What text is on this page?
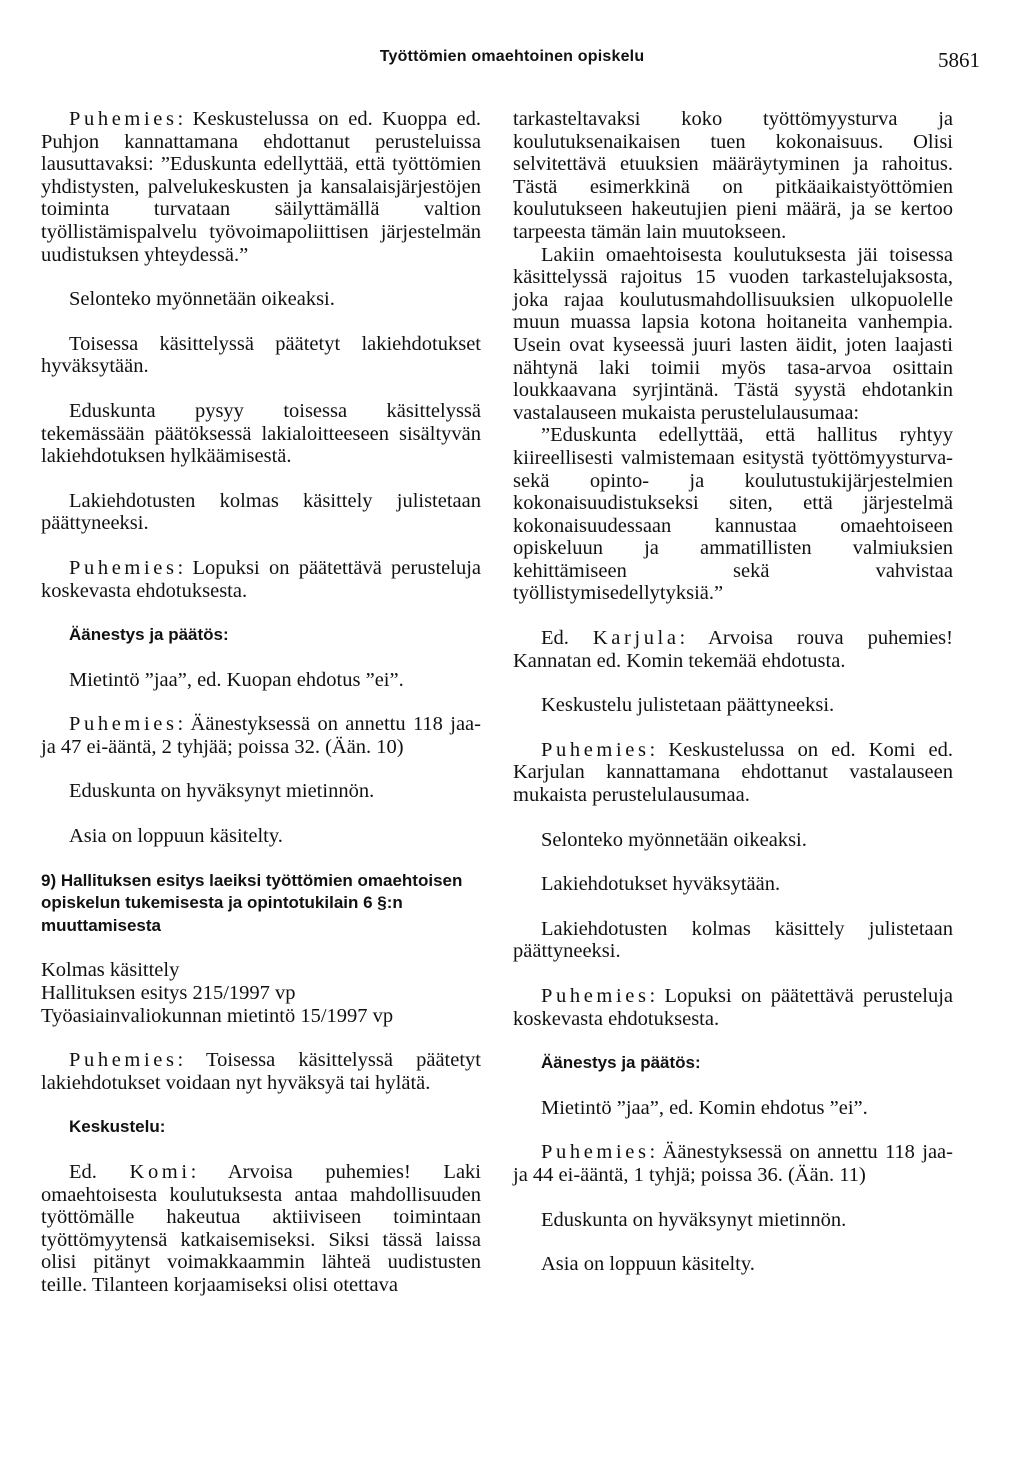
Työttömien omaehtoinen opiskelu	5861

Puhemies: Keskustelussa on ed. Kuoppa ed. Puhjon kannattamana ehdottanut perusteluissa lausuttavaksi: ”Eduskunta edellyttää, että työttömien yhdistysten, palvelukeskusten ja kansalaisjärjestöjen toiminta turvataan säilyttämällä valtion työllistämispalvelu työvoimapoliittisen järjestelmän uudistuksen yhteydessä.”

Selonteko myönnetään oikeaksi.

Toisessa käsittelyssä päätetyt lakiehdotukset hyväksytään.

Eduskunta pysyy toisessa käsittelyssä tekemässään päätöksessä lakialoitteeseen sisältyvän lakiehdotuksen hylkäämisestä.

Lakiehdotusten kolmas käsittely julistetaan päättyneeksi.

Puhemies: Lopuksi on päätettävä perusteluja koskevasta ehdotuksesta.

Äänestys ja päätös:

Mietintö ”jaa”, ed. Kuopan ehdotus ”ei”.

Puhemies: Äänestyksessä on annettu 118 jaa- ja 47 ei-ääntä, 2 tyhjää; poissa 32. (Ään. 10)

Eduskunta on hyväksynyt mietinnön.

Asia on loppuun käsitelty.

9) Hallituksen esitys laeiksi työttömien omaehtoisen opiskelun tukemisesta ja opintotukilain 6 §:n muuttamisesta
Kolmas käsittely
Hallituksen esitys 215/1997 vp
Työasiainvaliokunnan mietintö 15/1997 vp

Puhemies: Toisessa käsittelyssä päätetyt lakiehdotukset voidaan nyt hyväksyä tai hylätä.

Keskustelu:

Ed. Komi: Arvoisa puhemies! Laki omaehtoisesta koulutuksesta antaa mahdollisuuden työttömälle hakeutua aktiiviseen toimintaan työttömyytensä katkaisemiseksi. Siksi tässä laissa olisi pitänyt voimakkaammin lähteä uudistusten teille. Tilanteen korjaamiseksi olisi otettava

tarkasteltavaksi koko työttömyysturva ja koulutuksenaikaisen tuen kokonaisuus. Olisi selvitettävä etuuksien määräytyminen ja rahoitus. Tästä esimerkkinä on pitkäaikaistyöttömien koulutukseen hakeutujien pieni määrä, ja se kertoo tarpeesta tämän lain muutokseen.

Lakiin omaehtoisesta koulutuksesta jäi toisessa käsittelyssä rajoitus 15 vuoden tarkastelujaksosta, joka rajaa koulutusmahdollisuuksien ulkopuolelle muun muassa lapsia kotona hoitaneita vanhempia. Usein ovat kyseessä juuri lasten äidit, joten laajasti nähtynä laki toimii myös tasa-arvoa osittain loukkaavana syrjintänä. Tästä syystä ehdotankin vastalauseen mukaista perustelulausumaa:

”Eduskunta edellyttää, että hallitus ryhtyy kiireellisesti valmistemaan esitystä työttömyysturva- sekä opinto- ja koulutustukijärjestelmien kokonaisuudistukseksi siten, että järjestelmä kokonaisuudessaan kannustaa omaehtoiseen opiskeluun ja ammatillisten valmiuksien kehittämiseen sekä vahvistaa työllistymisedellytyksiä.”

Ed. Karjula: Arvoisa rouva puhemies! Kannatan ed. Komin tekemää ehdotusta.

Keskustelu julistetaan päättyneeksi.

Puhemies: Keskustelussa on ed. Komi ed. Karjulan kannattamana ehdottanut vastalauseen mukaista perustelulausumaa.

Selonteko myönnetään oikeaksi.

Lakiehdotukset hyväksytään.

Lakiehdotusten kolmas käsittely julistetaan päättyneeksi.

Puhemies: Lopuksi on päätettävä perusteluja koskevasta ehdotuksesta.

Äänestys ja päätös:

Mietintö ”jaa”, ed. Komin ehdotus ”ei”.

Puhemies: Äänestyksessä on annettu 118 jaa- ja 44 ei-ääntä, 1 tyhjä; poissa 36. (Ään. 11)

Eduskunta on hyväksynyt mietinnön.

Asia on loppuun käsitelty.
